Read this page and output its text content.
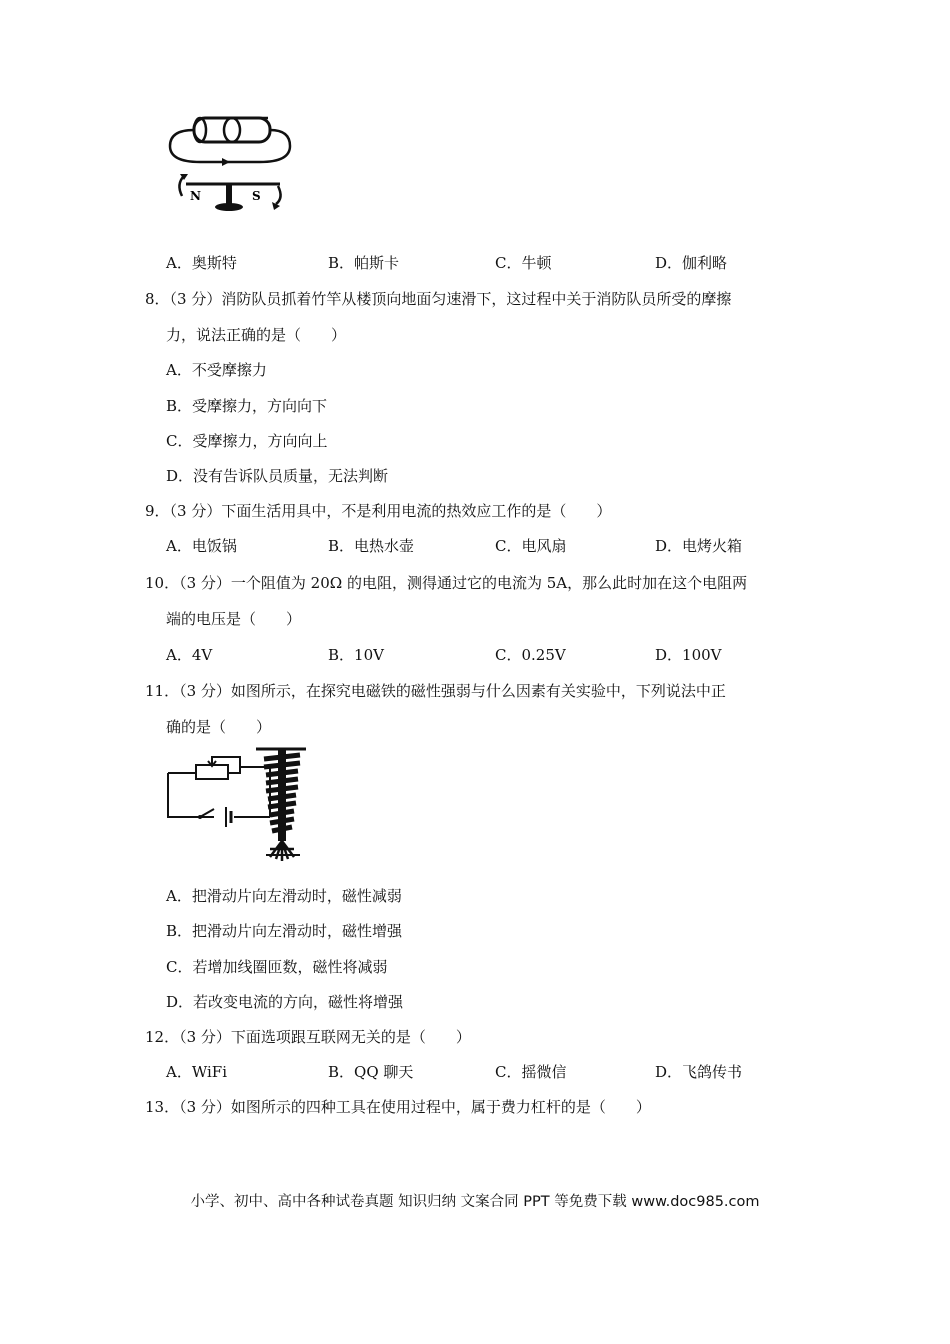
N	S
A．奥斯特	B．帕斯卡	C．牛顿	D．伽利略
8．（3 分）消防队员抓着竹竿从楼顶向地面匀速滑下，这过程中关于消防队员所受的摩擦
力，说法正确的是（　　）
A．不受摩擦力
B．受摩擦力，方向向下
C．受摩擦力，方向向上
D．没有告诉队员质量，无法判断
9．（3 分）下面生活用具中，不是利用电流的热效应工作的是（　　）
A．电饭锅	B．电热水壶	C．电风扇	D．电烤火箱
10．（3 分）一个阻值为 20Ω 的电阻，测得通过它的电流为 5A，那么此时加在这个电阻两
端的电压是（　　）
A．4V	B．10V	C．0.25V	D．100V
11．（3 分）如图所示，在探究电磁铁的磁性强弱与什么因素有关实验中，下列说法中正
确的是（　　）
A．把滑动片向左滑动时，磁性减弱
B．把滑动片向左滑动时，磁性增强
C．若增加线圈匝数，磁性将减弱
D．若改变电流的方向，磁性将增强
12．（3 分）下面选项跟互联网无关的是（　　）
A．WiFi	B．QQ 聊天	C．摇微信	D．飞鸽传书
13．（3 分）如图所示的四种工具在使用过程中，属于费力杠杆的是（　　）
小学、初中、高中各种试卷真题 知识归纳 文案合同 PPT 等免费下载 www.doc985.com
